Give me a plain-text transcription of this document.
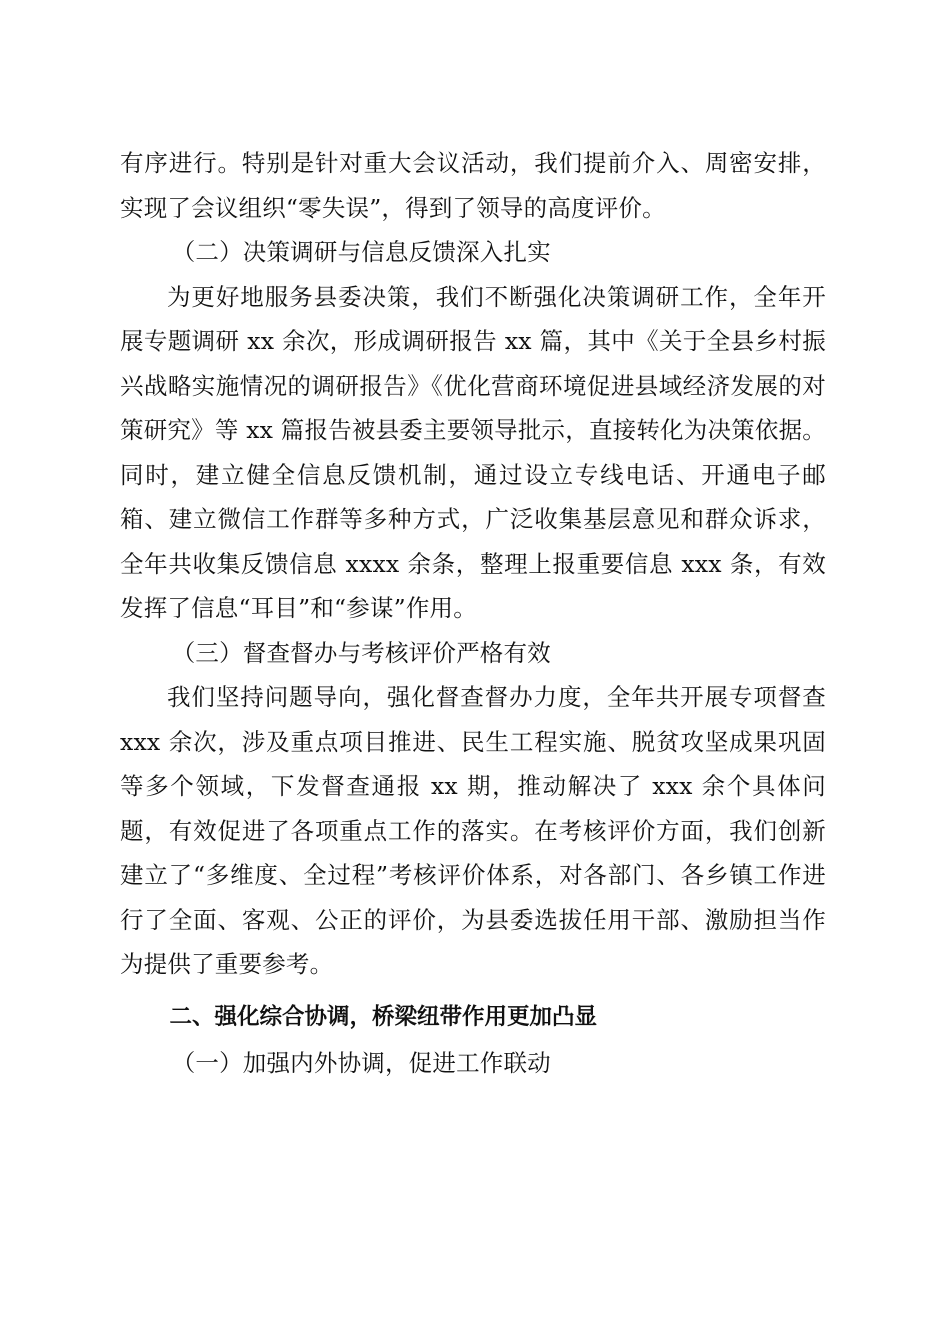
有序进行。特别是针对重大会议活动，我们提前介入、周密安排，实现了会议组织“零失误”，得到了领导的高度评价。

（二）决策调研与信息反馈深入扎实

为更好地服务县委决策，我们不断强化决策调研工作，全年开展专题调研 xx 余次，形成调研报告 xx 篇，其中《关于全县乡村振兴战略实施情况的调研报告》《优化营商环境促进县域经济发展的对策研究》等 xx 篇报告被县委主要领导批示，直接转化为决策依据。同时，建立健全信息反馈机制，通过设立专线电话、开通电子邮箱、建立微信工作群等多种方式，广泛收集基层意见和群众诉求，全年共收集反馈信息 xxxx 余条，整理上报重要信息 xxx 条，有效发挥了信息“耳目”和“参谋”作用。

（三）督查督办与考核评价严格有效

我们坚持问题导向，强化督查督办力度，全年共开展专项督查 xxx 余次，涉及重点项目推进、民生工程实施、脱贫攻坚成果巩固等多个领域，下发督查通报 xx 期，推动解决了 xxx 余个具体问题，有效促进了各项重点工作的落实。在考核评价方面，我们创新建立了“多维度、全过程”考核评价体系，对各部门、各乡镇工作进行了全面、客观、公正的评价，为县委选拔任用干部、激励担当作为提供了重要参考。

二、强化综合协调，桥梁纽带作用更加凸显

（一）加强内外协调，促进工作联动
